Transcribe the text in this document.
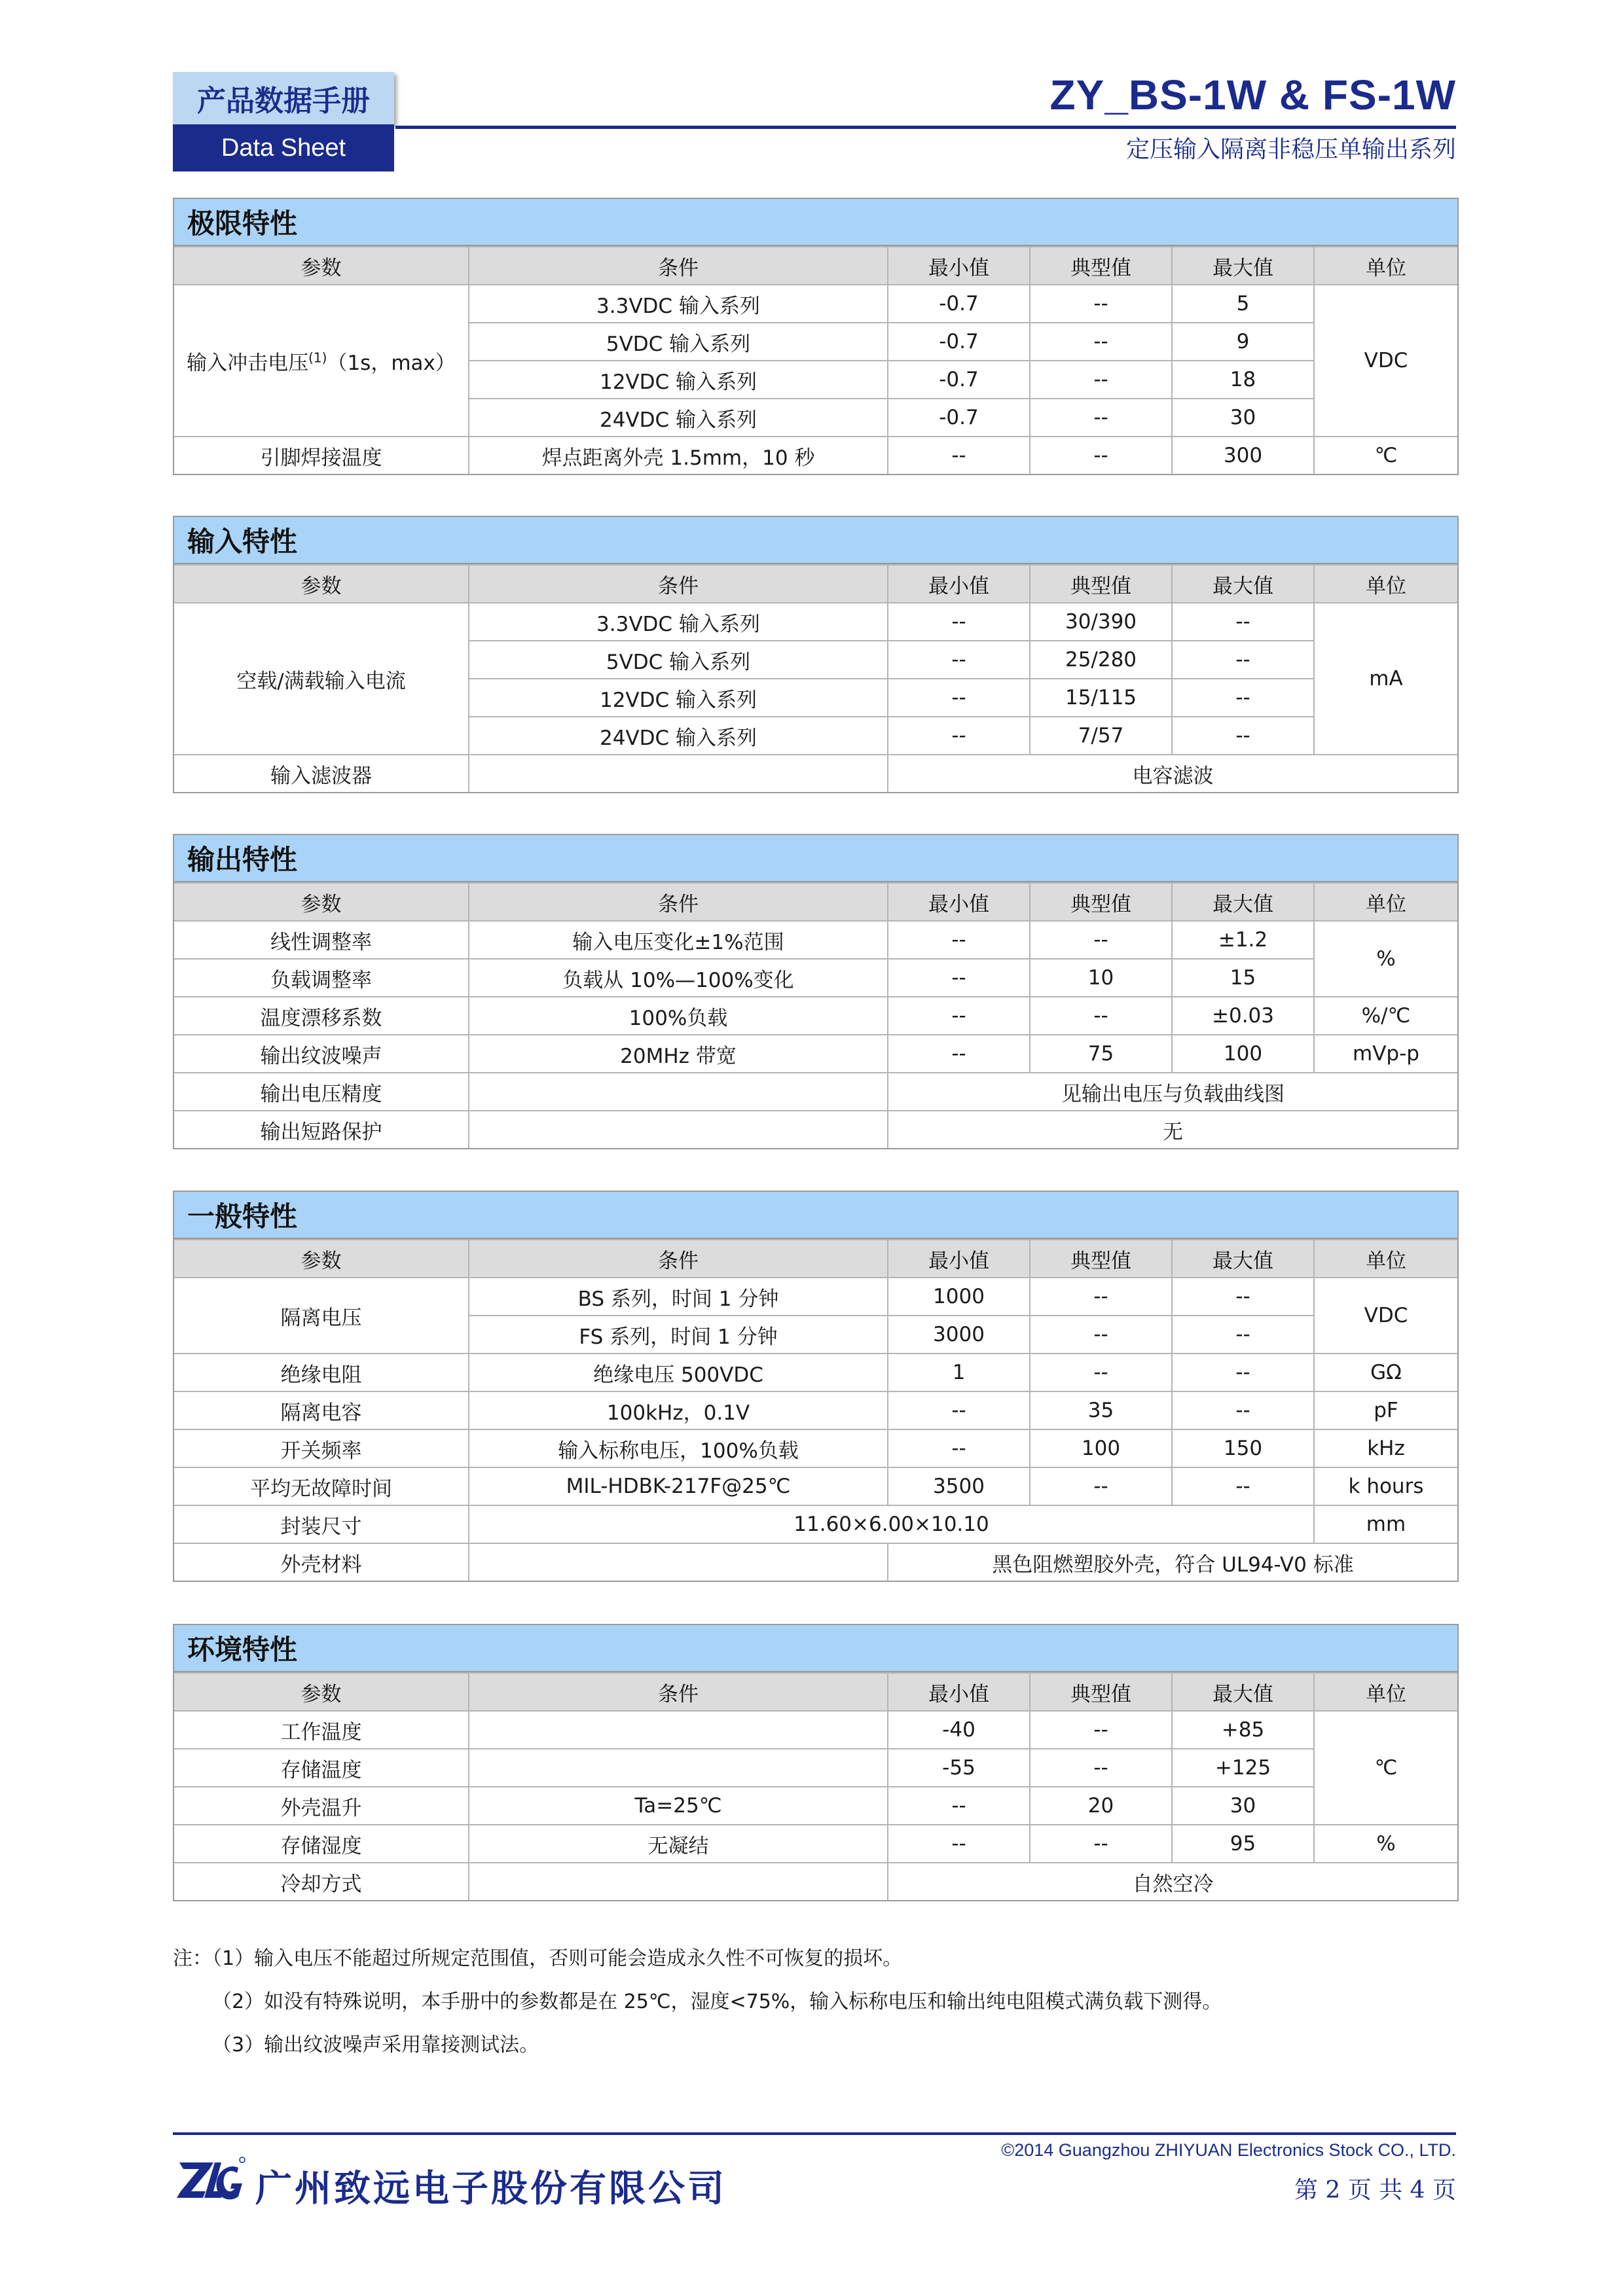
产品数据手册
Data Sheet
ZY_BS-1W & FS-1W
定压输入隔离非稳压单输出系列
极限特性
参数	条件	最小值	典型值	最大值	单位
输入冲击电压$^{(1)}$（1s，max）	3.3VDC 输入系列	-0.7	--	5	VDC
	5VDC 输入系列	-0.7	--	9	
	12VDC 输入系列	-0.7	--	18	
	24VDC 输入系列	-0.7	--	30	
引脚焊接温度	焊点距离外壳 1.5mm，10 秒	--	--	300	℃
输入特性
参数	条件	最小值	典型值	最大值	单位
空载/满载输入电流	3.3VDC 输入系列	--	30/390	--	mA
	5VDC 输入系列	--	25/280	--	
	12VDC 输入系列	--	15/115	--	
	24VDC 输入系列	--	7/57	--	
输入滤波器		电容滤波			
输出特性
参数	条件	最小值	典型值	最大值	单位
线性调整率	输入电压变化±1%范围	--	--	±1.2	%
负载调整率	负载从 10%—100%变化	--	10	15	
温度漂移系数	100%负载	--	--	±0.03	%/℃
输出纹波噪声	20MHz 带宽	--	75	100	mVp-p
输出电压精度		见输出电压与负载曲线图			
输出短路保护		无			
一般特性
参数	条件	最小值	典型值	最大值	单位
隔离电压	BS 系列，时间 1 分钟	1000	--	--	VDC
	FS 系列，时间 1 分钟	3000	--	--	
绝缘电阻	绝缘电压 500VDC	1	--	--	GΩ
隔离电容	100kHz，0.1V	--	35	--	pF
开关频率	输入标称电压，100%负载	--	100	150	kHz
平均无故障时间	MIL-HDBK-217F@25℃	3500	--	--	k hours
封装尺寸	11.60×6.00×10.10				mm
外壳材料		黑色阻燃塑胶外壳，符合 UL94-V0 标准			
环境特性
参数	条件	最小值	典型值	最大值	单位
工作温度		-40	--	+85	℃
存储温度		-55	--	+125	
外壳温升	Ta=25℃	--	20	30	
存储湿度	无凝结	--	--	95	%
冷却方式		自然空冷			
注：（1）输入电压不能超过所规定范围值，否则可能会造成永久性不可恢复的损坏。
（2）如没有特殊说明，本手册中的参数都是在 25℃，湿度<75%，输入标称电压和输出纯电阻模式满负载下测得。
（3）输出纹波噪声采用靠接测试法。
广州致远电子股份有限公司
©2014 Guangzhou ZHIYUAN Electronics Stock CO., LTD.
第 2 页 共 4 页
